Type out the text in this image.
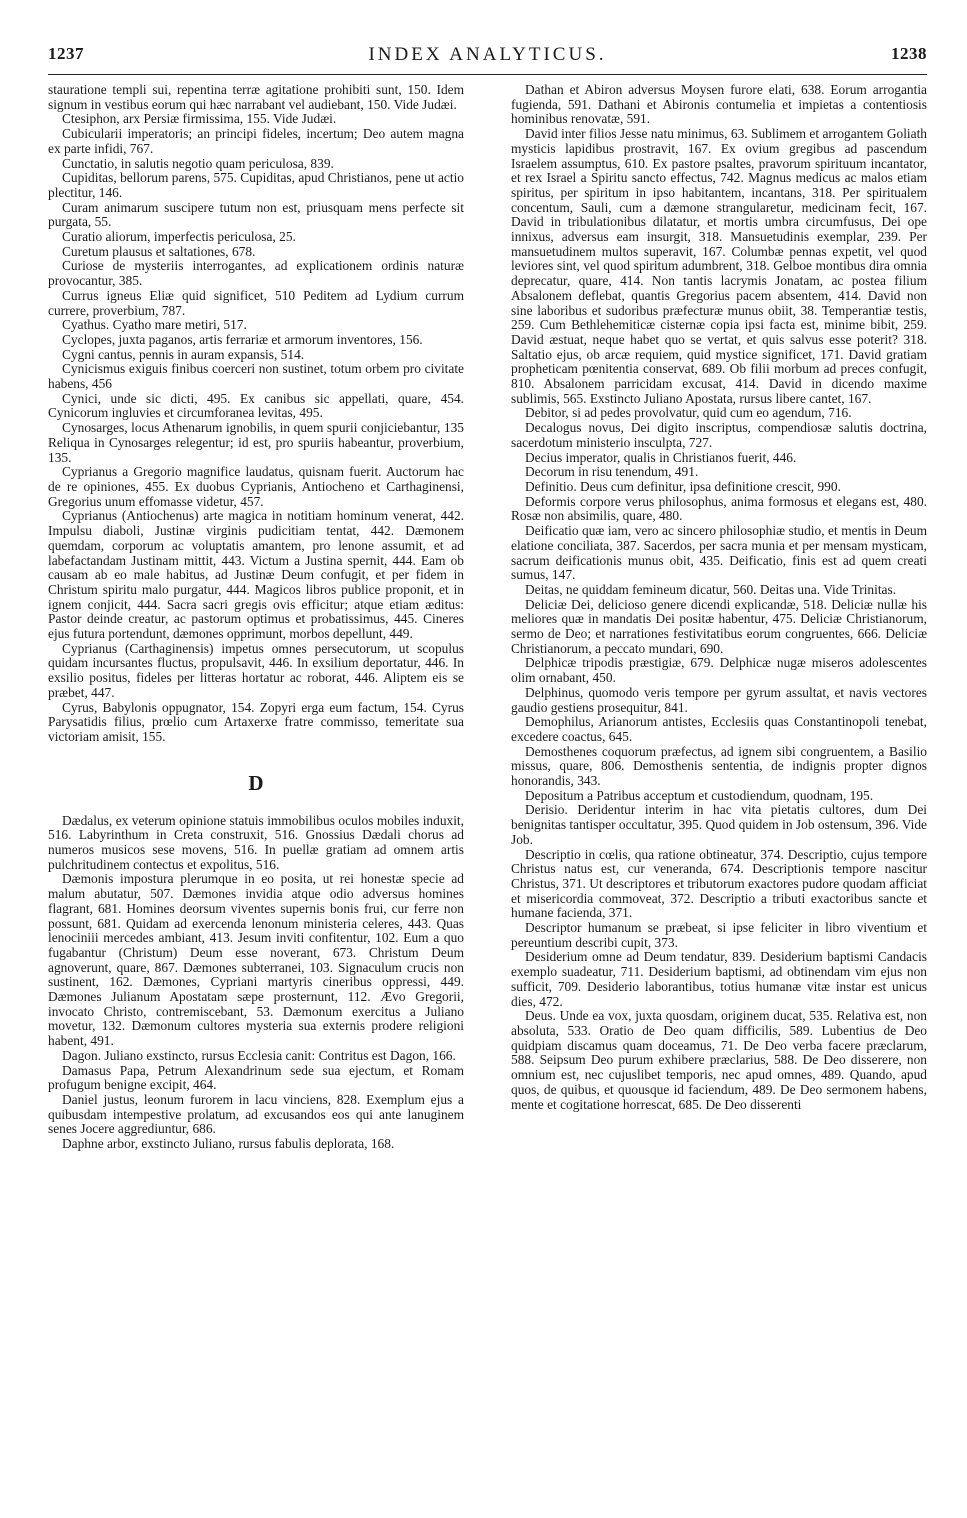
1237	INDEX ANALYTICUS.	1238

stauratione templi sui, repentina terræ agitatione prohibiti sunt, 150. Idem signum in vestibus eorum qui hæc narrabant vel audiebant, 150. Vide Judæi.

Ctesiphon, arx Persiæ firmissima, 155. Vide Judæi.

Cubicularii imperatoris; an principi fideles, incertum; Deo autem magna ex parte infidi, 767.

Cunctatio, in salutis negotio quam periculosa, 839.

Cupiditas, bellorum parens, 575. Cupiditas, apud Christianos, pene ut actio plectitur, 146.

Curam animarum suscipere tutum non est, priusquam mens perfecte sit purgata, 55.

Curatio aliorum, imperfectis periculosa, 25.

Curetum plausus et saltationes, 678.

Curiose de mysteriis interrogantes, ad explicationem ordinis naturæ provocantur, 385.

Currus igneus Eliæ quid significet, 510 Peditem ad Lydium currum currere, proverbium, 787.

Cyathus. Cyatho mare metiri, 517.

Cyclopes, juxta paganos, artis ferrariæ et armorum inventores, 156.

Cygni cantus, pennis in auram expansis, 514.

Cynicismus exiguis finibus coerceri non sustinet, totum orbem pro civitate habens, 456

Cynici, unde sic dicti, 495. Ex canibus sic appellati, quare, 454. Cynicorum ingluvies et circumforanea levitas, 495.

Cynosarges, locus Athenarum ignobilis, in quem spurii conjiciebantur, 135 Reliqua in Cynosarges relegentur; id est, pro spuriis habeantur, proverbium, 135.

Cyprianus a Gregorio magnifice laudatus, quisnam fuerit. Auctorum hac de re opiniones, 455. Ex duobus Cyprianis, Antiocheno et Carthaginensi, Gregorius unum effomasse videtur, 457.

Cyprianus (Antiochenus) arte magica in notitiam hominum venerat, 442. Impulsu diaboli, Justinæ virginis pudicitiam tentat, 442. Dæmonem quemdam, corporum ac voluptatis amantem, pro lenone assumit, et ad labefactandam Justinam mittit, 443. Victum a Justina spernit, 444. Eam ob causam ab eo male habitus, ad Justinæ Deum confugit, et per fidem in Christum spiritu malo purgatur, 444. Magicos libros publice proponit, et in ignem conjicit, 444. Sacra sacri gregis ovis efficitur; atque etiam æditus: Pastor deinde creatur, ac pastorum optimus et probatissimus, 445. Cineres ejus futura portendunt, dæmones opprimunt, morbos depellunt, 449.

Cyprianus (Carthaginensis) impetus omnes persecutorum, ut scopulus quidam incursantes fluctus, propulsavit, 446. In exsilium deportatur, 446. In exsilio positus, fideles per litteras hortatur ac roborat, 446. Aliptem eis se præbet, 447.

Cyrus, Babylonis oppugnator, 154. Zopyri erga eum factum, 154. Cyrus Parysatidis filius, prœlio cum Artaxerxe fratre commisso, temeritate sua victoriam amisit, 155.

D

Dædalus, ex veterum opinione statuis immobilibus oculos mobiles induxit, 516. Labyrinthum in Creta construxit, 516. Gnossius Dædali chorus ad numeros musicos sese movens, 516. In puellæ gratiam ad omnem artis pulchritudinem contectus et expolitus, 516.

Dæmonis impostura plerumque in eo posita, ut rei honestæ specie ad malum abutatur, 507. Dæmones invidia atque odio adversus homines flagrant, 681. Homines deorsum viventes supernis bonis frui, cur ferre non possunt, 681. Quidam ad exercenda lenonum ministeria celeres, 443. Quas lenociniii mercedes ambiant, 413. Jesum inviti confitentur, 102. Eum a quo fugabantur (Christum) Deum esse noverant, 673. Christum Deum agnoverunt, quare, 867. Dæmones subterranei, 103. Signaculum crucis non sustinent, 162. Dæmones, Cypriani martyris cineribus oppressi, 449. Dæmones Julianum Apostatam sæpe prosternunt, 112. Ævo Gregorii, invocato Christo, contremiscebant, 53. Dæmonum exercitus a Juliano movetur, 132. Dæmonum cultores mysteria sua externis prodere religioni habent, 491.

Dagon. Juliano exstincto, rursus Ecclesia canit: Contritus est Dagon, 166.

Damasus Papa, Petrum Alexandrinum sede sua ejectum, et Romam profugum benigne excipit, 464.

Daniel justus, leonum furorem in lacu vinciens, 828. Exemplum ejus a quibusdam intempestive prolatum, ad excusandos eos qui ante lanuginem senes Jocere aggrediuntur, 686.

Daphne arbor, exstincto Juliano, rursus fabulis deplorata, 168.

Dathan et Abiron adversus Moysen furore elati, 638. Eorum arrogantia fugienda, 591. Dathani et Abironis contumelia et impietas a contentiosis hominibus renovatæ, 591.

David inter filios Jesse natu minimus, 63. Sublimem et arrogantem Goliath mysticis lapidibus prostravit, 167. Ex ovium gregibus ad pascendum Israelem assumptus, 610. Ex pastore psaltes, pravorum spirituum incantator, et rex Israel a Spiritu sancto effectus, 742. Magnus medicus ac malos etiam spiritus, per spiritum in ipso habitantem, incantans, 318. Per spiritualem concentum, Sauli, cum a dæmone strangularetur, medicinam fecit, 167. David in tribulationibus dilatatur, et mortis umbra circumfusus, Dei ope innixus, adversus eam insurgit, 318. Mansuetudinis exemplar, 239. Per mansuetudinem multos superavit, 167. Columbæ pennas expetit, vel quod leviores sint, vel quod spiritum adumbrent, 318. Gelboe montibus dira omnia deprecatur, quare, 414. Non tantis lacrymis Jonatam, ac postea filium Absalonem deflebat, quantis Gregorius pacem absentem, 414. David non sine laboribus et sudoribus præfecturæ munus obiit, 38. Temperantiæ testis, 259. Cum Bethlehemiticæ cisternæ copia ipsi facta est, minime bibit, 259. David æstuat, neque habet quo se vertat, et quis salvus esse poterit? 318. Saltatio ejus, ob arcæ requiem, quid mystice significet, 171. David gratiam propheticam pœnitentia conservat, 689. Ob filii morbum ad preces confugit, 810. Absalonem parricidam excusat, 414. David in dicendo maxime sublimis, 565. Exstincto Juliano Apostata, rursus libere cantet, 167.

Debitor, si ad pedes provolvatur, quid cum eo agendum, 716.

Decalogus novus, Dei digito inscriptus, compendiosæ salutis doctrina, sacerdotum ministerio insculpta, 727.

Decius imperator, qualis in Christianos fuerit, 446.

Decorum in risu tenendum, 491.

Definitio. Deus cum definitur, ipsa definitione crescit, 990.

Deformis corpore verus philosophus, anima formosus et elegans est, 480. Rosæ non absimilis, quare, 480.

Deificatio quæ iam, vero ac sincero philosophiæ studio, et mentis in Deum elatione conciliata, 387. Sacerdos, per sacra munia et per mensam mysticam, sacrum deificationis munus obit, 435. Deificatio, finis est ad quem creati sumus, 147.

Deitas, ne quiddam femineum dicatur, 560. Deitas una. Vide Trinitas.

Deliciæ Dei, delicioso genere dicendi explicandæ, 518. Deliciæ nullæ his meliores quæ in mandatis Dei positæ habentur, 475. Deliciæ Christianorum, sermo de Deo; et narrationes festivitatibus eorum congruentes, 666. Deliciæ Christianorum, a peccato mundari, 690.

Delphicæ tripodis præstigiæ, 679. Delphicæ nugæ miseros adolescentes olim ornabant, 450.

Delphinus, quomodo veris tempore per gyrum assultat, et navis vectores gaudio gestiens prosequitur, 841.

Demophilus, Arianorum antistes, Ecclesiis quas Constantinopoli tenebat, excedere coactus, 645.

Demosthenes coquorum præfectus, ad ignem sibi congruentem, a Basilio missus, quare, 806. Demosthenis sententia, de indignis propter dignos honorandis, 343.

Depositum a Patribus acceptum et custodiendum, quodnam, 195.

Derisio. Deridentur interim in hac vita pietatis cultores, dum Dei benignitas tantisper occultatur, 395. Quod quidem in Job ostensum, 396. Vide Job.

Descriptio in cœlis, qua ratione obtineatur, 374. Descriptio, cujus tempore Christus natus est, cur veneranda, 674. Descriptionis tempore nascitur Christus, 371. Ut descriptores et tributorum exactores pudore quodam afficiat et misericordia commoveat, 372. Descriptio a tributi exactoribus sancte et humane facienda, 371.

Descriptor humanum se præbeat, si ipse feliciter in libro viventium et pereuntium describi cupit, 373.

Desiderium omne ad Deum tendatur, 839. Desiderium baptismi Candacis exemplo suadeatur, 711. Desiderium baptismi, ad obtinendam vim ejus non sufficit, 709. Desiderio laborantibus, totius humanæ vitæ instar est unicus dies, 472.

Deus. Unde ea vox, juxta quosdam, originem ducat, 535. Relativa est, non absoluta, 533. Oratio de Deo quam difficilis, 589. Lubentius de Deo quidpiam discamus quam doceamus, 71. De Deo verba facere præclarum, 588. Seipsum Deo purum exhibere præclarius, 588. De Deo disserere, non omnium est, nec cujuslibet temporis, nec apud omnes, 489. Quando, apud quos, de quibus, et quousque id faciendum, 489. De Deo sermonem habens, mente et cogitatione horrescat, 685. De Deo disserenti
